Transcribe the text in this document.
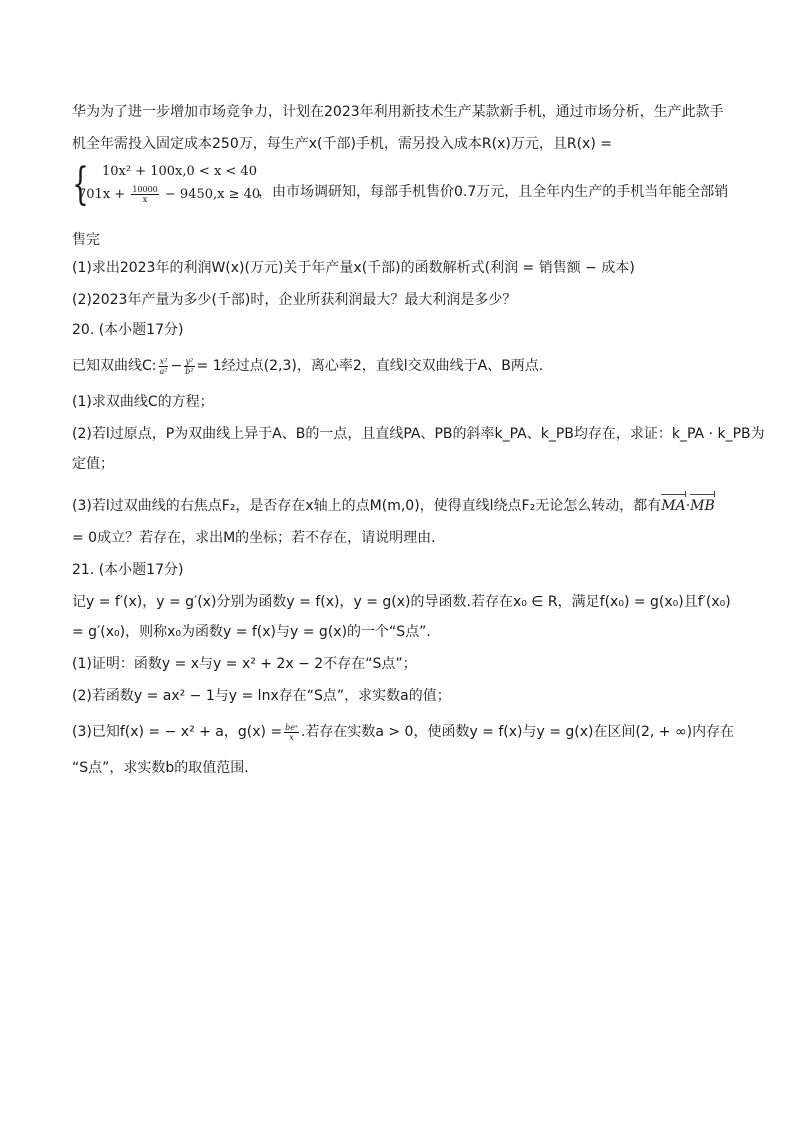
华为为了进一步增加市场竞争力，计划在2023年利用新技术生产某款新手机，通过市场分析，生产此款手
机全年需投入固定成本250万，每生产x(千部)手机，需另投入成本R(x)万元，且R(x) =
{ 10x² + 100x,0 < x < 40
$701x + \frac{10000}{x} - 9450,x \ge 40$
，由市场调研知，每部手机售价0.7万元，且全年内生产的手机当年能全部销
售完
(1)求出2023年的利润W(x)(万元)关于年产量x(千部)的函数解析式(利润 = 销售额 − 成本)
(2)2023年产量为多少(千部)时，企业所获利润最大？最大利润是多少？
20. (本小题17分)
已知双曲线C: $\frac{\text{x²}}{\text{a²}} - \frac{\text{y²}}{\text{b²}} = 1$经过点(2,3)，离心率2，直线l交双曲线于A、B两点．
(1)求双曲线C的方程；
(2)若l过原点，P为双曲线上异于A、B的一点，且直线PA、PB的斜率k_PA、k_PB均存在，求证：k_PA · k_PB为
定值；
(3)若l过双曲线的右焦点F₂，是否存在x轴上的点M(m,0)，使得直线l绕点F₂无论怎么转动，都有MA·MB
= 0成立？若存在，求出M的坐标；若不存在，请说明理由．
21. (本小题17分)
记y = f′(x)，y = g′(x)分别为函数y = f(x)，y = g(x)的导函数.若存在x₀ ∈ R，满足f(x₀) = g(x₀)且f′(x₀)
= g′(x₀)，则称x₀为函数y = f(x)与y = g(x)的一个“S点”．
(1)证明：函数y = x与y = x² + 2x − 2不存在“S点”；
(2)若函数y = ax² − 1与y = lnx存在“S点”，求实数a的值；
(3)已知f(x) = − x² + a，$g(x) = \frac{\text{beˣ}}{x}$ .若存在实数a > 0，使函数y = f(x)与y = g(x)在区间(2, + ∞)内存在
“S点”，求实数b的取值范围．
